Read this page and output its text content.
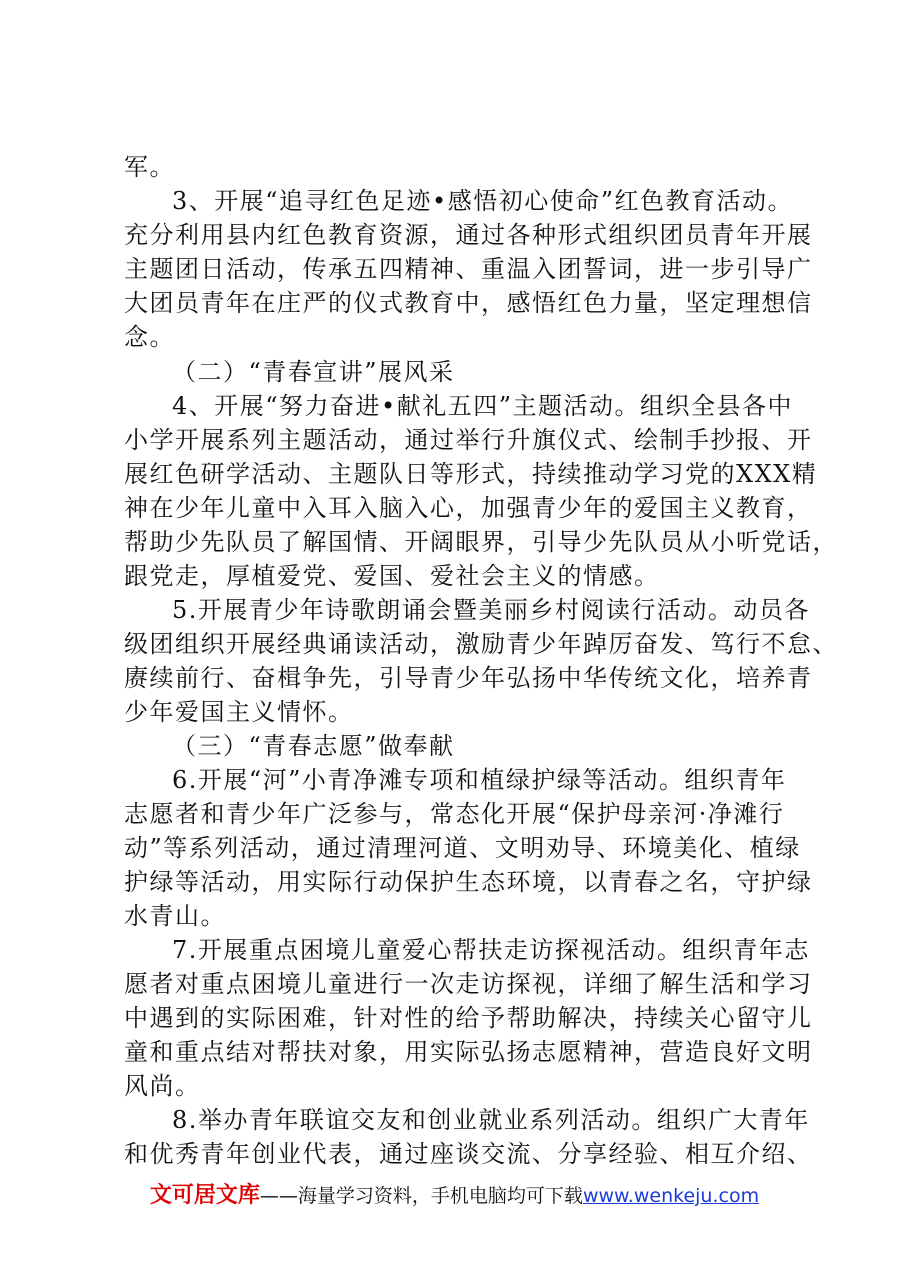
军。
3、开展“追寻红色足迹•感悟初心使命”红色教育活动。
充分利用县内红色教育资源，通过各种形式组织团员青年开展
主题团日活动，传承五四精神、重温入团誓词，进一步引导广
大团员青年在庄严的仪式教育中，感悟红色力量，坚定理想信
念。
（二）“青春宣讲”展风采
4、开展“努力奋进•献礼五四”主题活动。组织全县各中
小学开展系列主题活动，通过举行升旗仪式、绘制手抄报、开
展红色研学活动、主题队日等形式，持续推动学习党的XXX精
神在少年儿童中入耳入脑入心，加强青少年的爱国主义教育，
帮助少先队员了解国情、开阔眼界，引导少先队员从小听党话，
跟党走，厚植爱党、爱国、爱社会主义的情感。
5.开展青少年诗歌朗诵会暨美丽乡村阅读行活动。动员各
级团组织开展经典诵读活动，激励青少年踔厉奋发、笃行不怠、
赓续前行、奋楫争先，引导青少年弘扬中华传统文化，培养青
少年爱国主义情怀。
（三）“青春志愿”做奉献
6.开展“河”小青净滩专项和植绿护绿等活动。组织青年
志愿者和青少年广泛参与，常态化开展“保护母亲河·净滩行
动”等系列活动，通过清理河道、文明劝导、环境美化、植绿
护绿等活动，用实际行动保护生态环境，以青春之名，守护绿
水青山。
7.开展重点困境儿童爱心帮扶走访探视活动。组织青年志
愿者对重点困境儿童进行一次走访探视，详细了解生活和学习
中遇到的实际困难，针对性的给予帮助解决，持续关心留守儿
童和重点结对帮扶对象，用实际弘扬志愿精神，营造良好文明
风尚。
8.举办青年联谊交友和创业就业系列活动。组织广大青年
和优秀青年创业代表，通过座谈交流、分享经验、相互介绍、
文可居文库——海量学习资料，手机电脑均可下载www.wenkeju.com
